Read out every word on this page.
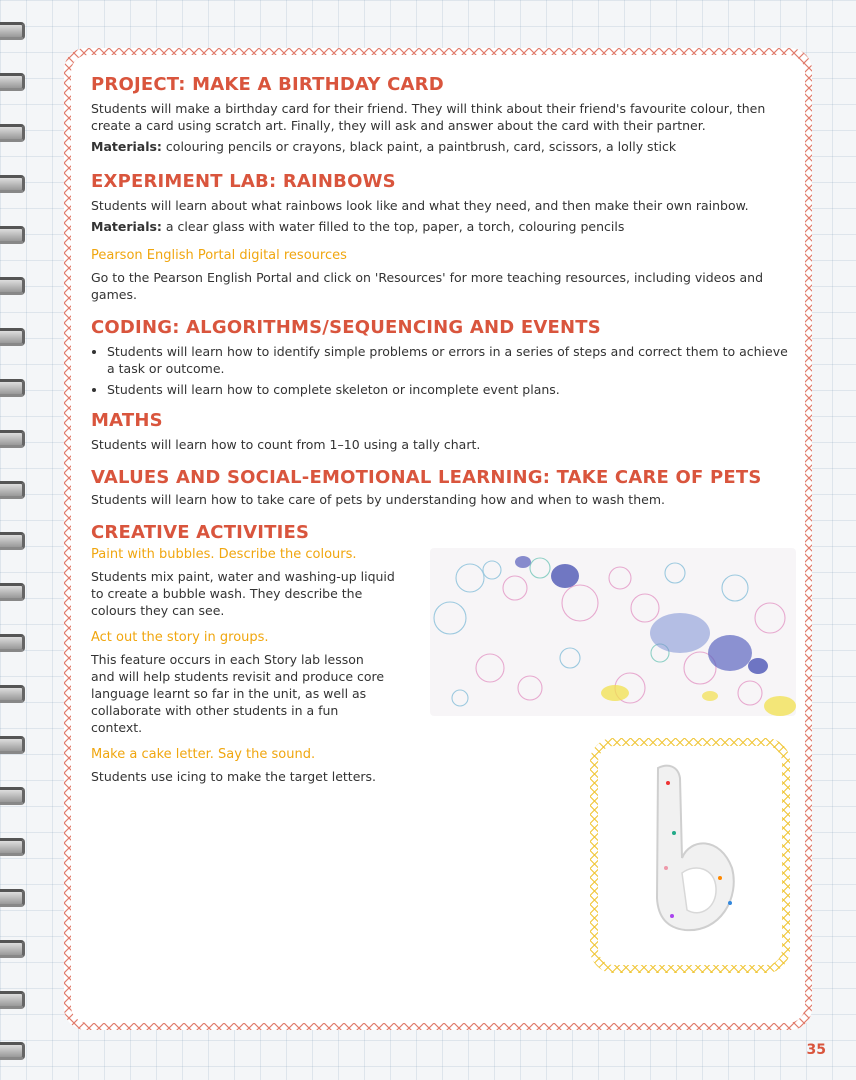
PROJECT: MAKE A BIRTHDAY CARD

Students will make a birthday card for their friend. They will think about their friend's favourite colour, then create a card using scratch art. Finally, they will ask and answer about the card with their partner.

Materials: colouring pencils or crayons, black paint, a paintbrush, card, scissors, a lolly stick

EXPERIMENT LAB: RAINBOWS

Students will learn about what rainbows look like and what they need, and then make their own rainbow.

Materials: a clear glass with water filled to the top, paper, a torch, colouring pencils

Pearson English Portal digital resources

Go to the Pearson English Portal and click on 'Resources' for more teaching resources, including videos and games.

CODING: ALGORITHMS/SEQUENCING AND EVENTS
• Students will learn how to identify simple problems or errors in a series of steps and correct them to achieve a task or outcome.
• Students will learn how to complete skeleton or incomplete event plans.
MATHS

Students will learn how to count from 1–10 using a tally chart.

VALUES AND SOCIAL-EMOTIONAL LEARNING: TAKE CARE OF PETS

Students will learn how to take care of pets by understanding how and when to wash them.

CREATIVE ACTIVITIES

Paint with bubbles. Describe the colours.

Students mix paint, water and washing-up liquid to create a bubble wash. They describe the colours they can see.

Act out the story in groups.

This feature occurs in each Story lab lesson and will help students revisit and produce core language learnt so far in the unit, as well as collaborate with other students in a fun context.

Make a cake letter. Say the sound.

Students use icing to make the target letters.

35
